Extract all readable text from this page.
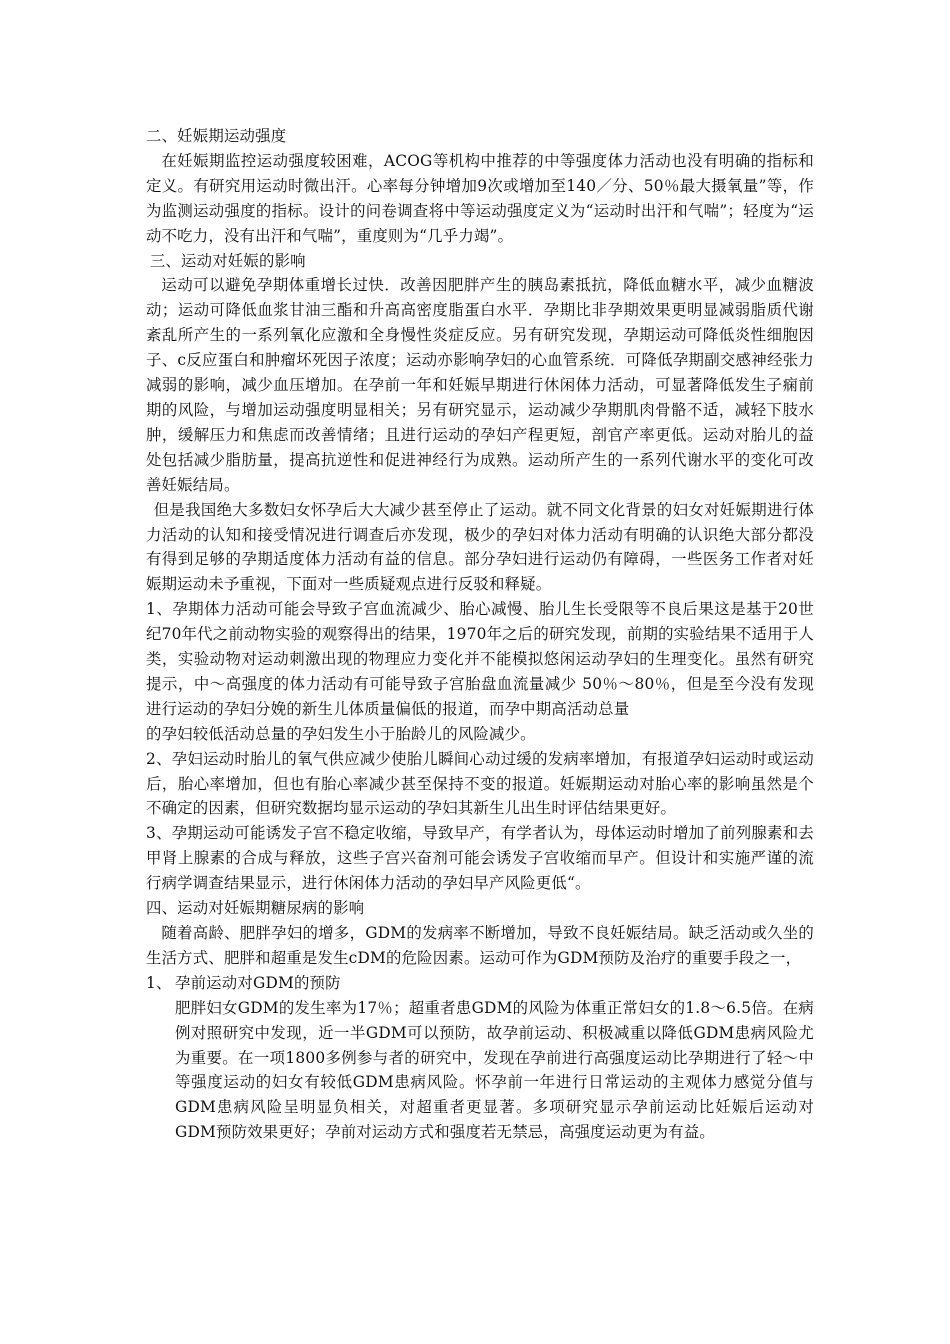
二、妊娠期运动强度

在妊娠期监控运动强度较困难，ACOG等机构中推荐的中等强度体力活动也没有明确的指标和定义。有研究用运动时微出汗。心率每分钟增加9次或增加至140／分、50％最大摄氧量”等，作为监测运动强度的指标。设计的问卷调查将中等运动强度定义为“运动时出汗和气喘”；轻度为“运动不吃力，没有出汗和气喘”，重度则为“几乎力竭”。

三、运动对妊娠的影响

运动可以避免孕期体重增长过快．改善因肥胖产生的胰岛素抵抗，降低血糖水平，减少血糖波动；运动可降低血浆甘油三酯和升高高密度脂蛋白水平．孕期比非孕期效果更明显减弱脂质代谢紊乱所产生的一系列氧化应激和全身慢性炎症反应。另有研究发现，孕期运动可降低炎性细胞因子、c反应蛋白和肿瘤坏死因子浓度；运动亦影响孕妇的心血管系统．可降低孕期副交感神经张力减弱的影响，减少血压增加。在孕前一年和妊娠早期进行休闲体力活动，可显著降低发生子痫前期的风险，与增加运动强度明显相关；另有研究显示，运动减少孕期肌肉骨骼不适，减轻下肢水肿，缓解压力和焦虑而改善情绪；且进行运动的孕妇产程更短，剖官产率更低。运动对胎儿的益处包括减少脂肪量，提高抗逆性和促进神经行为成熟。运动所产生的一系列代谢水平的变化可改善妊娠结局。

但是我国绝大多数妇女怀孕后大大减少甚至停止了运动。就不同文化背景的妇女对妊娠期进行体力活动的认知和接受情况进行调查后亦发现，极少的孕妇对体力活动有明确的认识绝大部分都没有得到足够的孕期适度体力活动有益的信息。部分孕妇进行运动仍有障碍，一些医务工作者对妊娠期运动未予重视，下面对一些质疑观点进行反驳和释疑。

1、孕期体力活动可能会导致子宫血流减少、胎心减慢、胎儿生长受限等不良后果这是基于20世纪70年代之前动物实验的观察得出的结果，1970年之后的研究发现，前期的实验结果不适用于人类，实验动物对运动刺激出现的物理应力变化并不能模拟悠闲运动孕妇的生理变化。虽然有研究提示，中～高强度的体力活动有可能导致子宫胎盘血流量减少 50％～80％，但是至今没有发现进行运动的孕妇分娩的新生儿体质量偏低的报道，而孕中期高活动总量

的孕妇较低活动总量的孕妇发生小于胎龄儿的风险减少。

2、孕妇运动时胎儿的氧气供应减少使胎儿瞬间心动过缓的发病率增加，有报道孕妇运动时或运动后，胎心率增加，但也有胎心率减少甚至保持不变的报道。妊娠期运动对胎心率的影响虽然是个不确定的因素，但研究数据均显示运动的孕妇其新生儿出生时评估结果更好。

3、孕期运动可能诱发子宫不稳定收缩，导致早产，有学者认为，母体运动时增加了前列腺素和去甲肾上腺素的合成与释放，这些子宫兴奋剂可能会诱发子宫收缩而早产。但设计和实施严谨的流行病学调查结果显示，进行休闲体力活动的孕妇早产风险更低“。

四、运动对妊娠期糖尿病的影响

随着高龄、肥胖孕妇的增多，GDM的发病率不断增加，导致不良妊娠结局。缺乏活动或久坐的生活方式、肥胖和超重是发生cDM的危险因素。运动可作为GDM预防及治疗的重要手段之一，

1、 孕前运动对GDM的预防

肥胖妇女GDM的发生率为17％；超重者患GDM的风险为体重正常妇女的1.8～6.5倍。在病例对照研究中发现，近一半GDM可以预防，故孕前运动、积极减重以降低GDM患病风险尤为重要。在一项1800多例参与者的研究中，发现在孕前进行高强度运动比孕期进行了轻～中等强度运动的妇女有较低GDM患病风险。怀孕前一年进行日常运动的主观体力感觉分值与GDM患病风险呈明显负相关，对超重者更显著。多项研究显示孕前运动比妊娠后运动对GDM预防效果更好；孕前对运动方式和强度若无禁忌，高强度运动更为有益。
